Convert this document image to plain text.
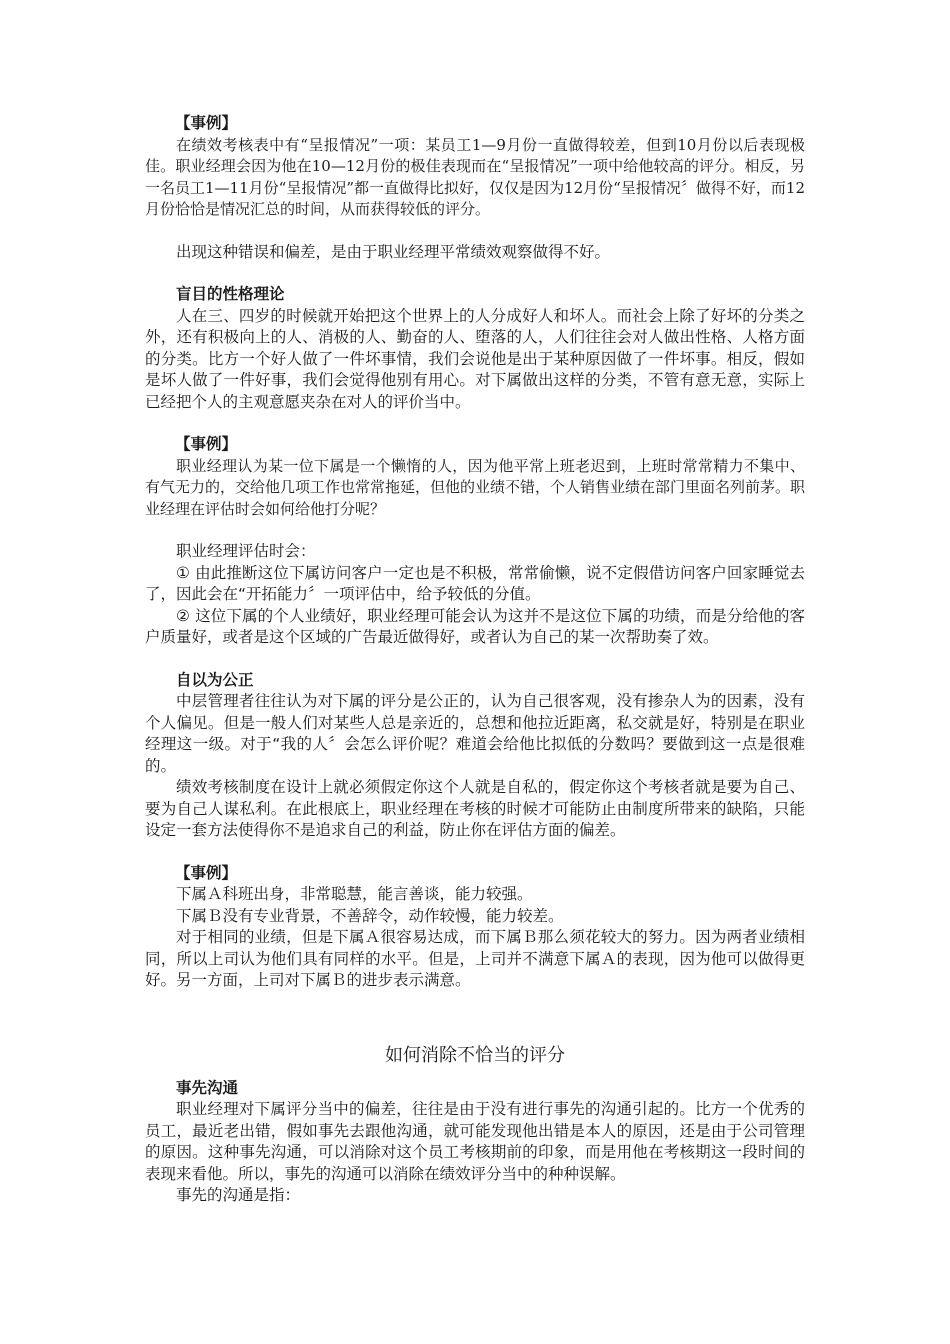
【事例】

在绩效考核表中有“呈报情况”一项：某员工1—9月份一直做得较差，但到10月份以后表现极佳。职业经理会因为他在10—12月份的极佳表现而在“呈报情况”一项中给他较高的评分。相反，另一名员工1—11月份“呈报情况”都一直做得比拟好，仅仅是因为12月份“呈报情况〞做得不好，而12月份恰恰是情况汇总的时间，从而获得较低的评分。

出现这种错误和偏差，是由于职业经理平常绩效观察做得不好。

盲目的性格理论

人在三、四岁的时候就开始把这个世界上的人分成好人和坏人。而社会上除了好坏的分类之外，还有积极向上的人、消极的人、勤奋的人、堕落的人，人们往往会对人做出性格、人格方面的分类。比方一个好人做了一件坏事情，我们会说他是出于某种原因做了一件坏事。相反，假如是坏人做了一件好事，我们会觉得他别有用心。对下属做出这样的分类，不管有意无意，实际上已经把个人的主观意愿夹杂在对人的评价当中。

【事例】

职业经理认为某一位下属是一个懒惰的人，因为他平常上班老迟到，上班时常常精力不集中、有气无力的，交给他几项工作也常常拖延，但他的业绩不错，个人销售业绩在部门里面名列前茅。职业经理在评估时会如何给他打分呢？

职业经理评估时会：

① 由此推断这位下属访问客户一定也是不积极，常常偷懒，说不定假借访问客户回家睡觉去了，因此会在“开拓能力〞一项评估中，给予较低的分值。

② 这位下属的个人业绩好，职业经理可能会认为这并不是这位下属的功绩，而是分给他的客户质量好，或者是这个区域的广告最近做得好，或者认为自己的某一次帮助奏了效。

自以为公正

中层管理者往往认为对下属的评分是公正的，认为自己很客观，没有掺杂人为的因素，没有个人偏见。但是一般人们对某些人总是亲近的，总想和他拉近距离，私交就是好，特别是在职业经理这一级。对于“我的人〞会怎么评价呢？难道会给他比拟低的分数吗？要做到这一点是很难的。

绩效考核制度在设计上就必须假定你这个人就是自私的，假定你这个考核者就是要为自己、要为自己人谋私利。在此根底上，职业经理在考核的时候才可能防止由制度所带来的缺陷，只能设定一套方法使得你不是追求自己的利益，防止你在评估方面的偏差。

【事例】

下属Ａ科班出身，非常聪慧，能言善谈，能力较强。

下属Ｂ没有专业背景，不善辞令，动作较慢，能力较差。

对于相同的业绩，但是下属Ａ很容易达成，而下属Ｂ那么须花较大的努力。因为两者业绩相同，所以上司认为他们具有同样的水平。但是，上司并不满意下属Ａ的表现，因为他可以做得更好。另一方面，上司对下属Ｂ的进步表示满意。

如何消除不恰当的评分

事先沟通

职业经理对下属评分当中的偏差，往往是由于没有进行事先的沟通引起的。比方一个优秀的员工，最近老出错，假如事先去跟他沟通，就可能发现他出错是本人的原因，还是由于公司管理的原因。这种事先沟通，可以消除对这个员工考核期前的印象，而是用他在考核期这一段时间的表现来看他。所以，事先的沟通可以消除在绩效评分当中的种种误解。

事先的沟通是指：
